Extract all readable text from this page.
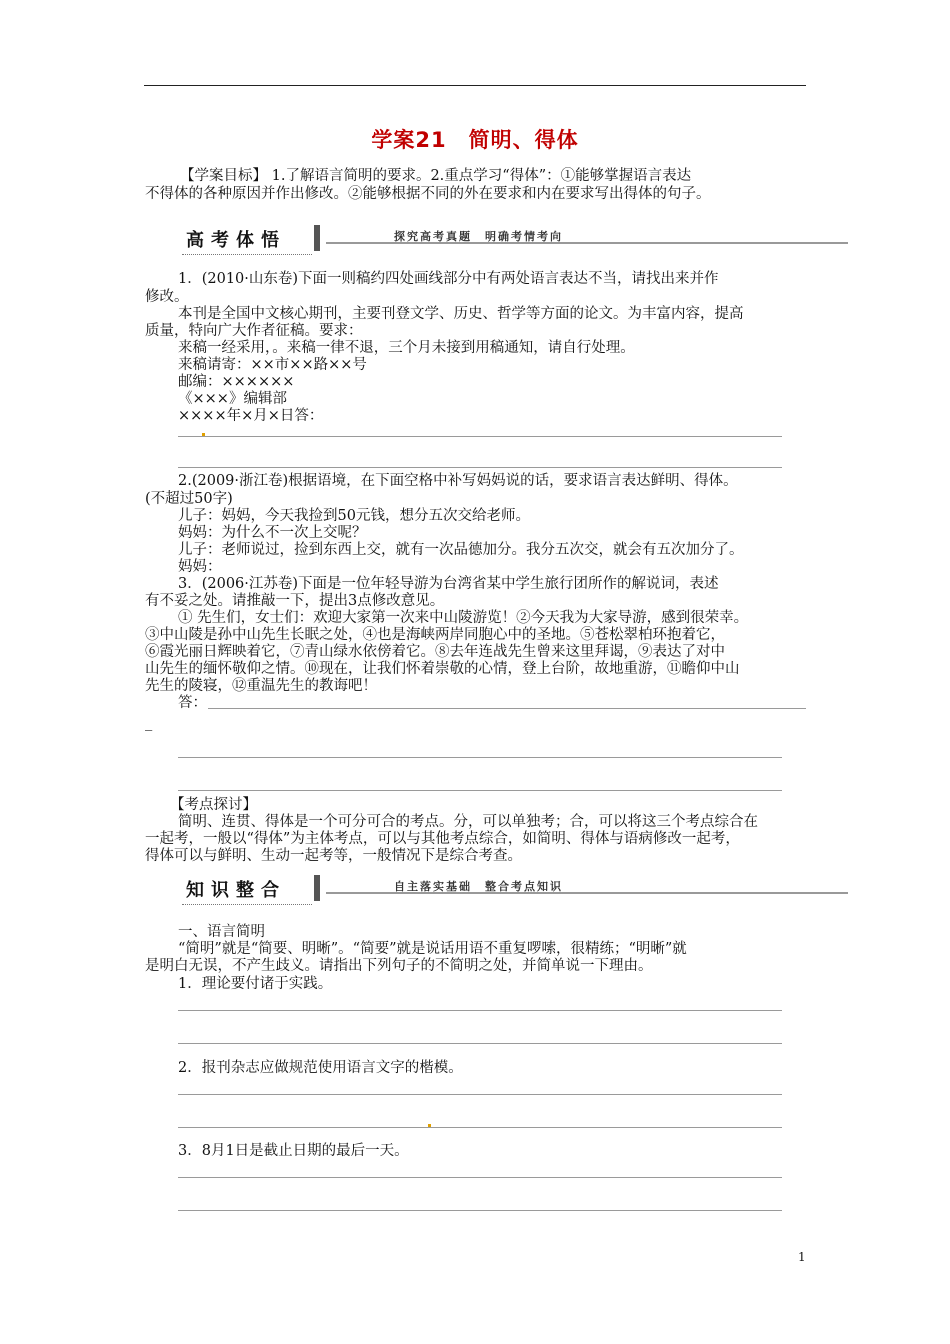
学案21　简明、得体
【学案目标】 1.了解语言简明的要求。2.重点学习“得体”：①能够掌握语言表达
不得体的各种原因并作出修改。②能够根据不同的外在要求和内在要求写出得体的句子。
高考体悟	探究高考真题　明确考情考向
1．(2010·山东卷)下面一则稿约四处画线部分中有两处语言表达不当，请找出来并作
修改。
本刊是全国中文核心期刊，主要刊登文学、历史、哲学等方面的论文。为丰富内容，提高
质量，特向广大作者征稿。要求：
来稿一经采用，。来稿一律不退，三个月未接到用稿通知，请自行处理。
来稿请寄：××市××路××号
邮编：××××××
《×××》编辑部
××××年×月×日答：
2.(2009·浙江卷)根据语境，在下面空格中补写妈妈说的话，要求语言表达鲜明、得体。
(不超过50字)
儿子：妈妈，今天我捡到50元钱，想分五次交给老师。
妈妈：为什么不一次上交呢？
儿子：老师说过，捡到东西上交，就有一次品德加分。我分五次交，就会有五次加分了。
妈妈：
3．(2006·江苏卷)下面是一位年轻导游为台湾省某中学生旅行团所作的解说词，表述
有不妥之处。请推敲一下，提出3点修改意见。
① 先生们，女士们：欢迎大家第一次来中山陵游览！②今天我为大家导游，感到很荣幸。
③中山陵是孙中山先生长眠之处，④也是海峡两岸同胞心中的圣地。⑤苍松翠柏环抱着它，
⑥霞光丽日辉映着它，⑦青山绿水依傍着它。⑧去年连战先生曾来这里拜谒，⑨表达了对中
山先生的缅怀敬仰之情。⑩现在，让我们怀着崇敬的心情，登上台阶，故地重游，⑪瞻仰中山
先生的陵寝，⑫重温先生的教诲吧！
答：
_
【考点探讨】
简明、连贯、得体是一个可分可合的考点。分，可以单独考；合，可以将这三个考点综合在
一起考，一般以“得体”为主体考点，可以与其他考点综合，如简明、得体与语病修改一起考，
得体可以与鲜明、生动一起考等，一般情况下是综合考查。
知识整合	自主落实基础　整合考点知识
一、语言简明
“简明”就是“简要、明晰”。“简要”就是说话用语不重复啰嗦，很精练；“明晰”就
是明白无误，不产生歧义。请指出下列句子的不简明之处，并简单说一下理由。
1．理论要付诸于实践。
2．报刊杂志应做规范使用语言文字的楷模。
3．8月1日是截止日期的最后一天。
1
